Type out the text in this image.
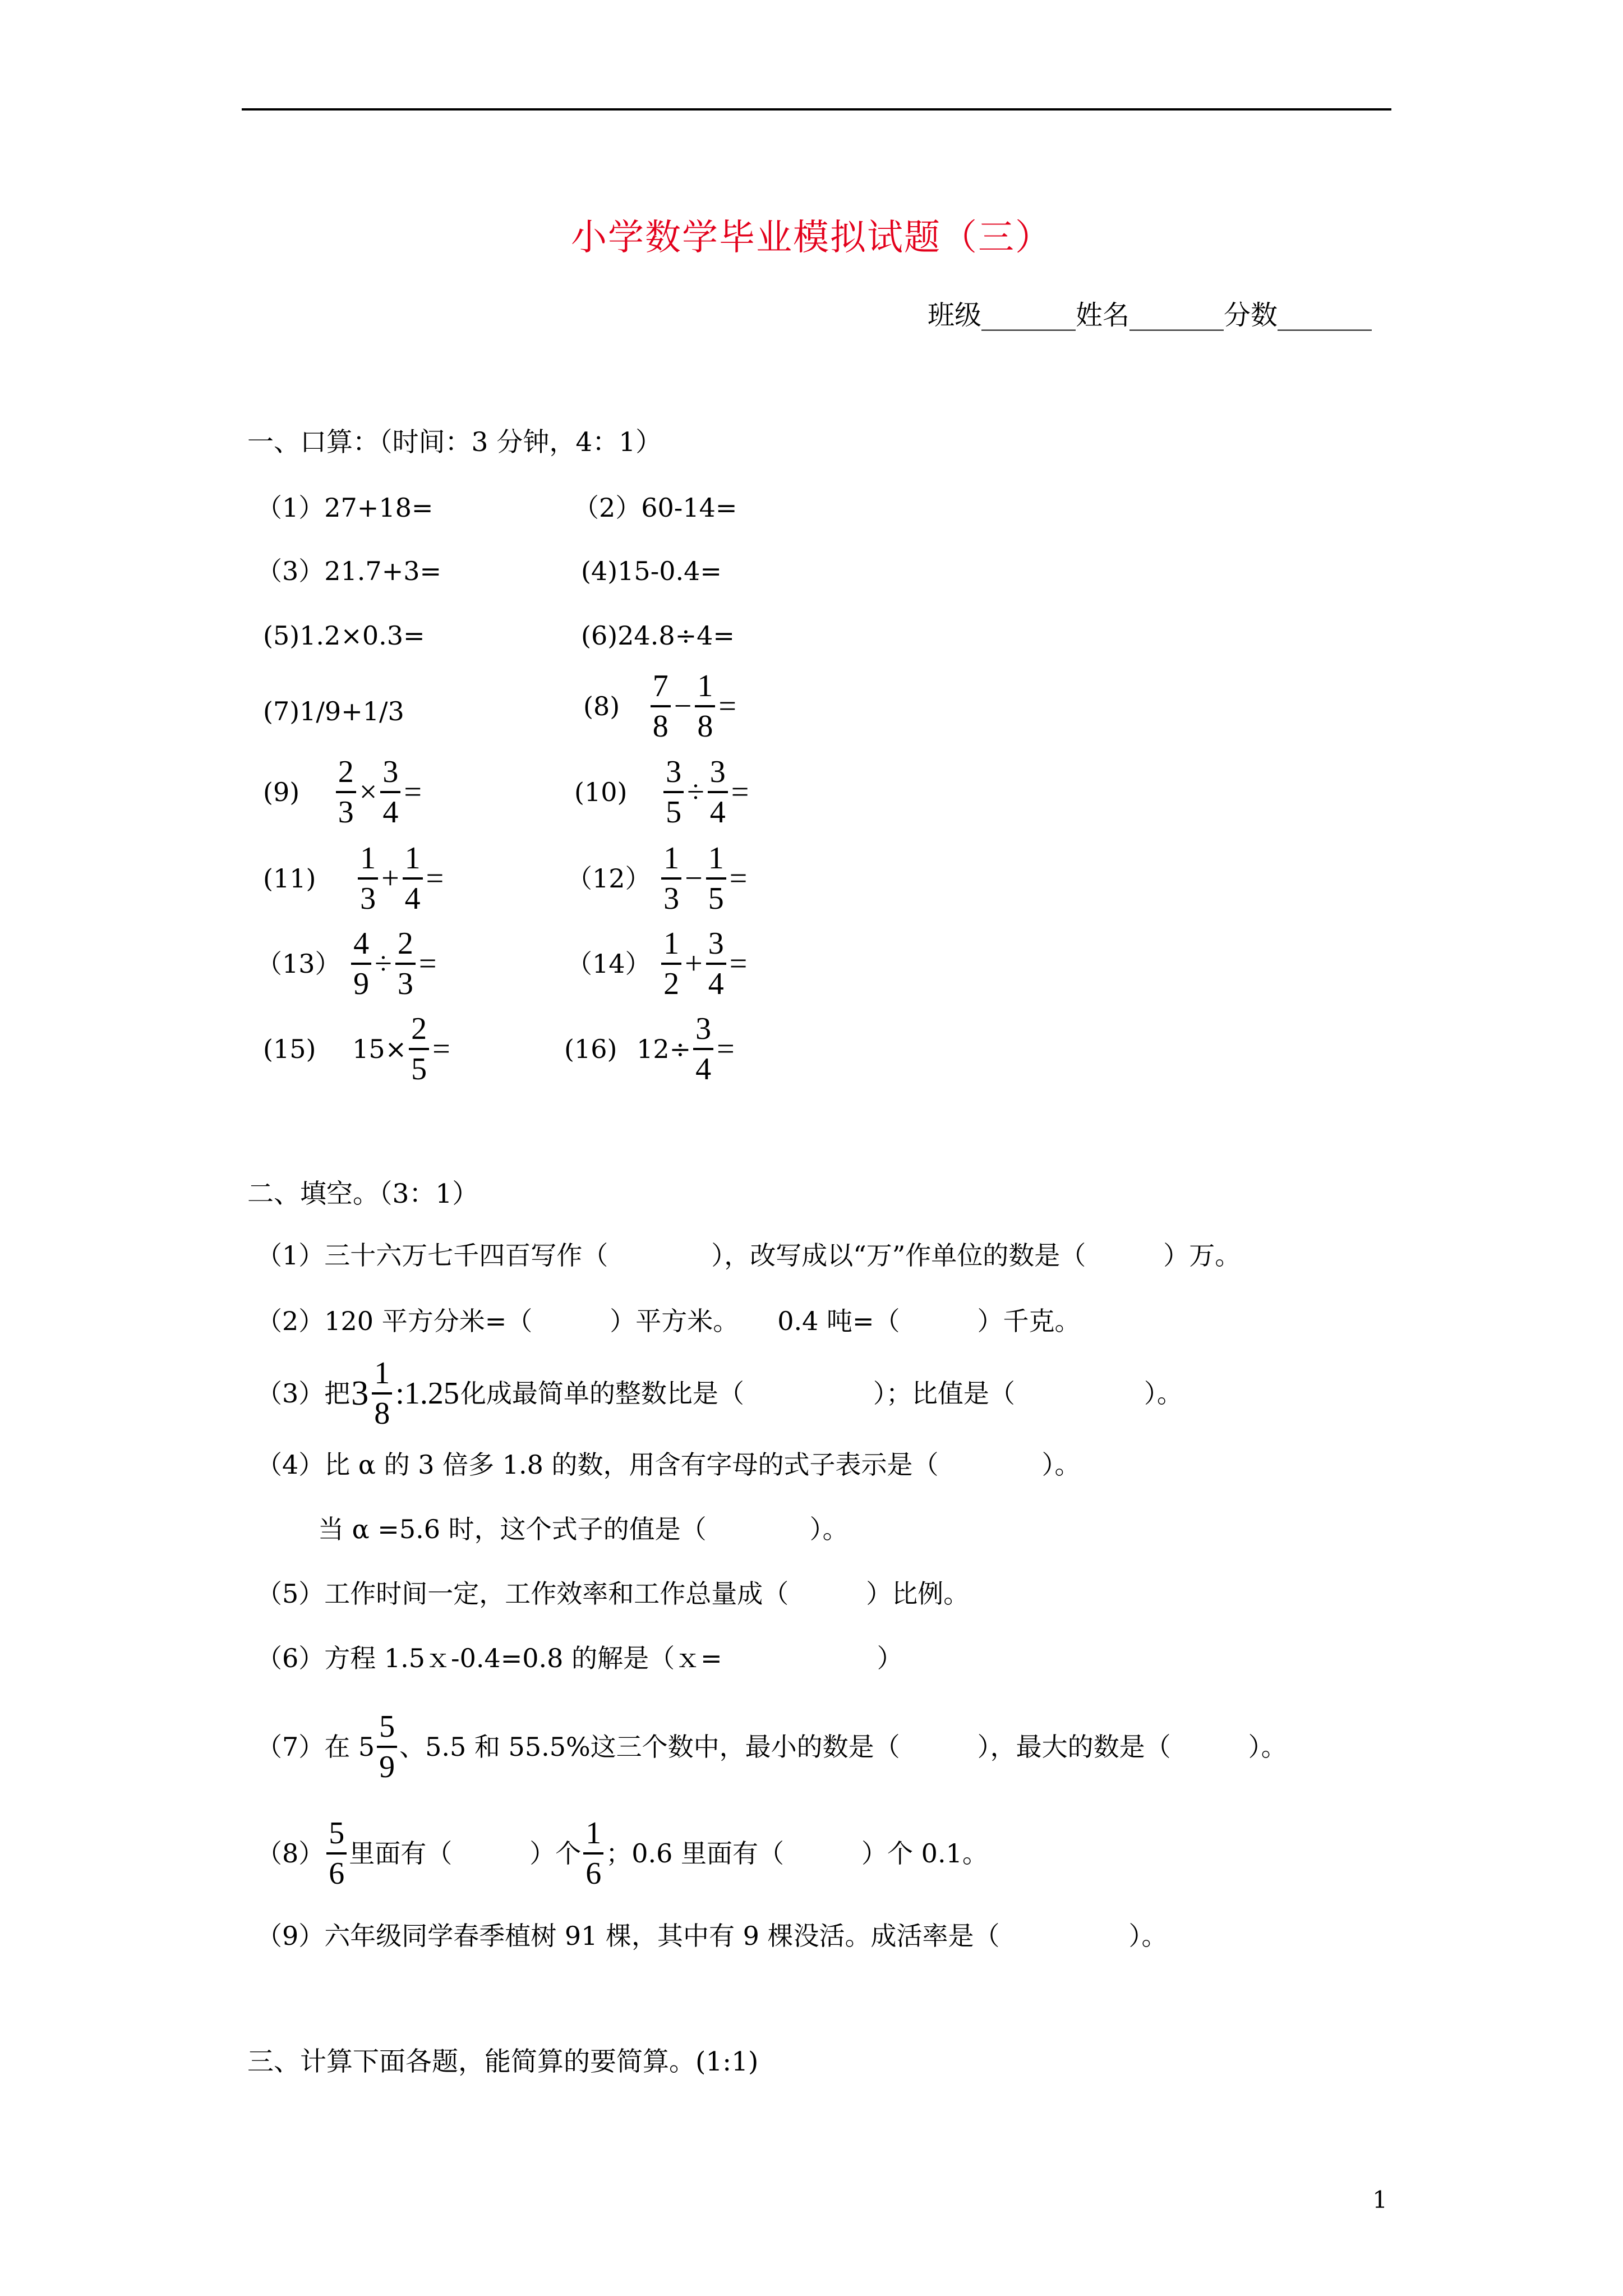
小学数学毕业模拟试题（三）
班级_______姓名_______分数_______
一、口算：（时间：3 分钟，4：1）
（1）27+18=	（2）60-14=
（3）21.7+3=	(4)15-0.4=
(5)1.2×0.3=	(6)24.8÷4=
(7)1/9+1/3	$(8) \frac{7}{8} - \frac{1}{8}$ =
$(9) \frac{2}{3} \times \frac{3}{4}$ =	$(10) \frac{3}{5} \div \frac{3}{4}$ =
$(11) \frac{1}{3} + \frac{1}{4}$ =	$(12) \frac{1}{3} - \frac{1}{5}$ =
$(13) \frac{4}{9} \div \frac{2}{3}$ =	$(14) \frac{1}{2} + \frac{3}{4}$ =
(15) $15\times \frac{2}{5}$ =	(16) $12\div \frac{3}{4}$ =
二、填空。（3：1）
（1）三十六万七千四百写作（　　　　），改写成以“万”作单位的数是（　　　）万。
（2）120 平方分米=（　　　）平方米。　　0.4 吨=（　　　）千克。
（3）把$3 \frac{1}{8}$ :1.25化成最简单的整数比是（　　　　　）；比值是（　　　　　）。
（4）比 α 的 3 倍多 1.8 的数，用含有字母的式子表示是（　　　　）。
当 α =5.6 时，这个式子的值是（　　　　）。
（5）工作时间一定，工作效率和工作总量成（　　　）比例。
（6）方程 1.5ｘ-0.4=0.8 的解是（ｘ=　　　　　　）
（7）在 $5 \frac{5}{9}$ 、5.5 和 55.5%这三个数中，最小的数是（　　　），最大的数是（　　　）。
$(8) \frac{5}{6}$ 里面有（　　　）个 $\frac{1}{6}$ ；0.6 里面有（　　　）个 0.1。
（9）六年级同学春季植树 91 棵，其中有 9 棵没活。成活率是（　　　　　）。
三、计算下面各题，能简算的要简算。(1:1)
1
